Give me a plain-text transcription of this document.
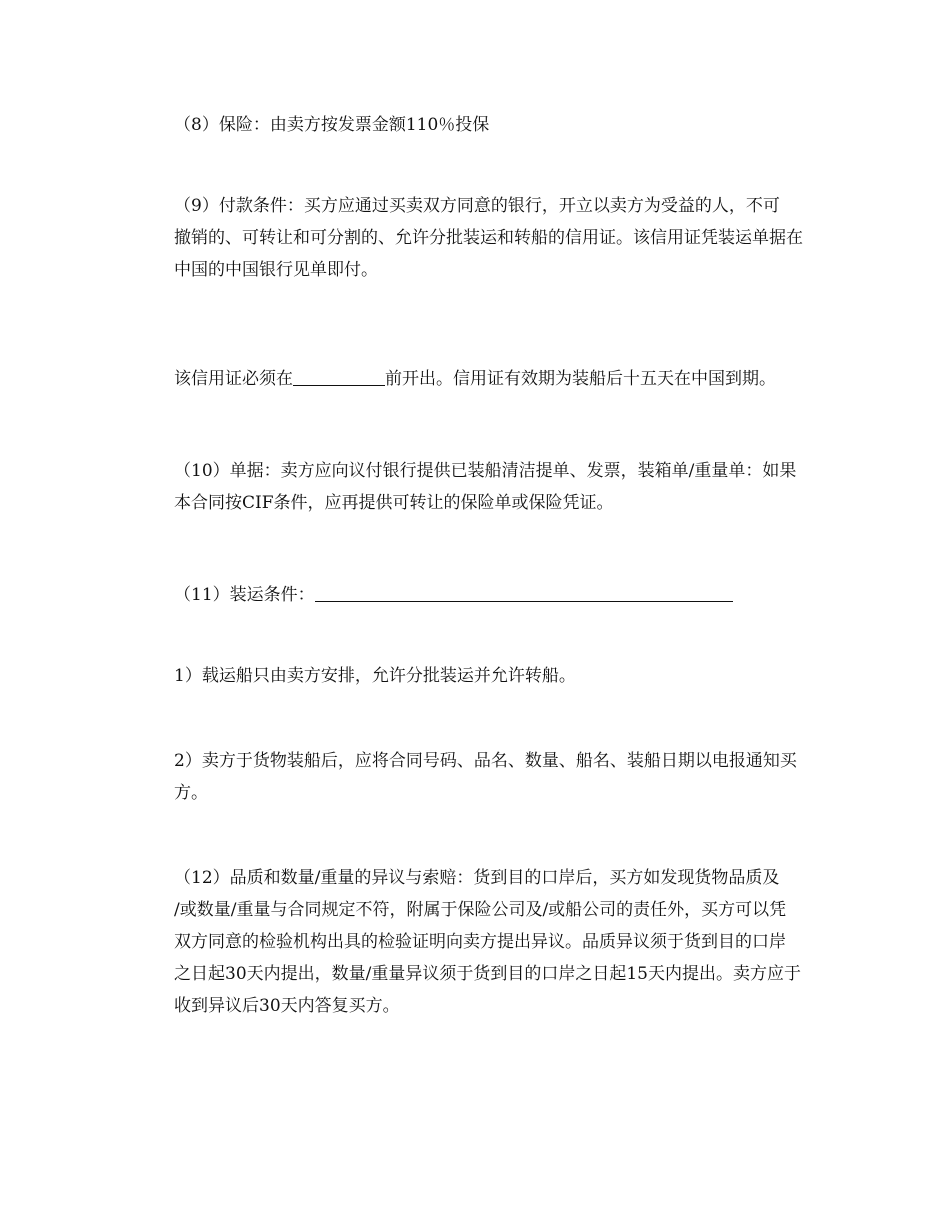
（8）保险：由卖方按发票金额110％投保

（9）付款条件：买方应通过买卖双方同意的银行，开立以卖方为受益的人，不可
撤销的、可转让和可分割的、允许分批装运和转船的信用证。该信用证凭装运单据在
中国的中国银行见单即付。

该信用证必须在	前开出。信用证有效期为装船后十五天在中国到期。

（10）单据：卖方应向议付银行提供已装船清洁提单、发票，装箱单/重量单：如果
本合同按CIF条件，应再提供可转让的保险单或保险凭证。

（11）装运条件：

1）载运船只由卖方安排，允许分批装运并允许转船。

2）卖方于货物装船后，应将合同号码、品名、数量、船名、装船日期以电报通知买
方。

（12）品质和数量/重量的异议与索赔：货到目的口岸后，买方如发现货物品质及
/或数量/重量与合同规定不符，附属于保险公司及/或船公司的责任外，买方可以凭
双方同意的检验机构出具的检验证明向卖方提出异议。品质异议须于货到目的口岸
之日起30天内提出，数量/重量异议须于货到目的口岸之日起15天内提出。卖方应于
收到异议后30天内答复买方。
